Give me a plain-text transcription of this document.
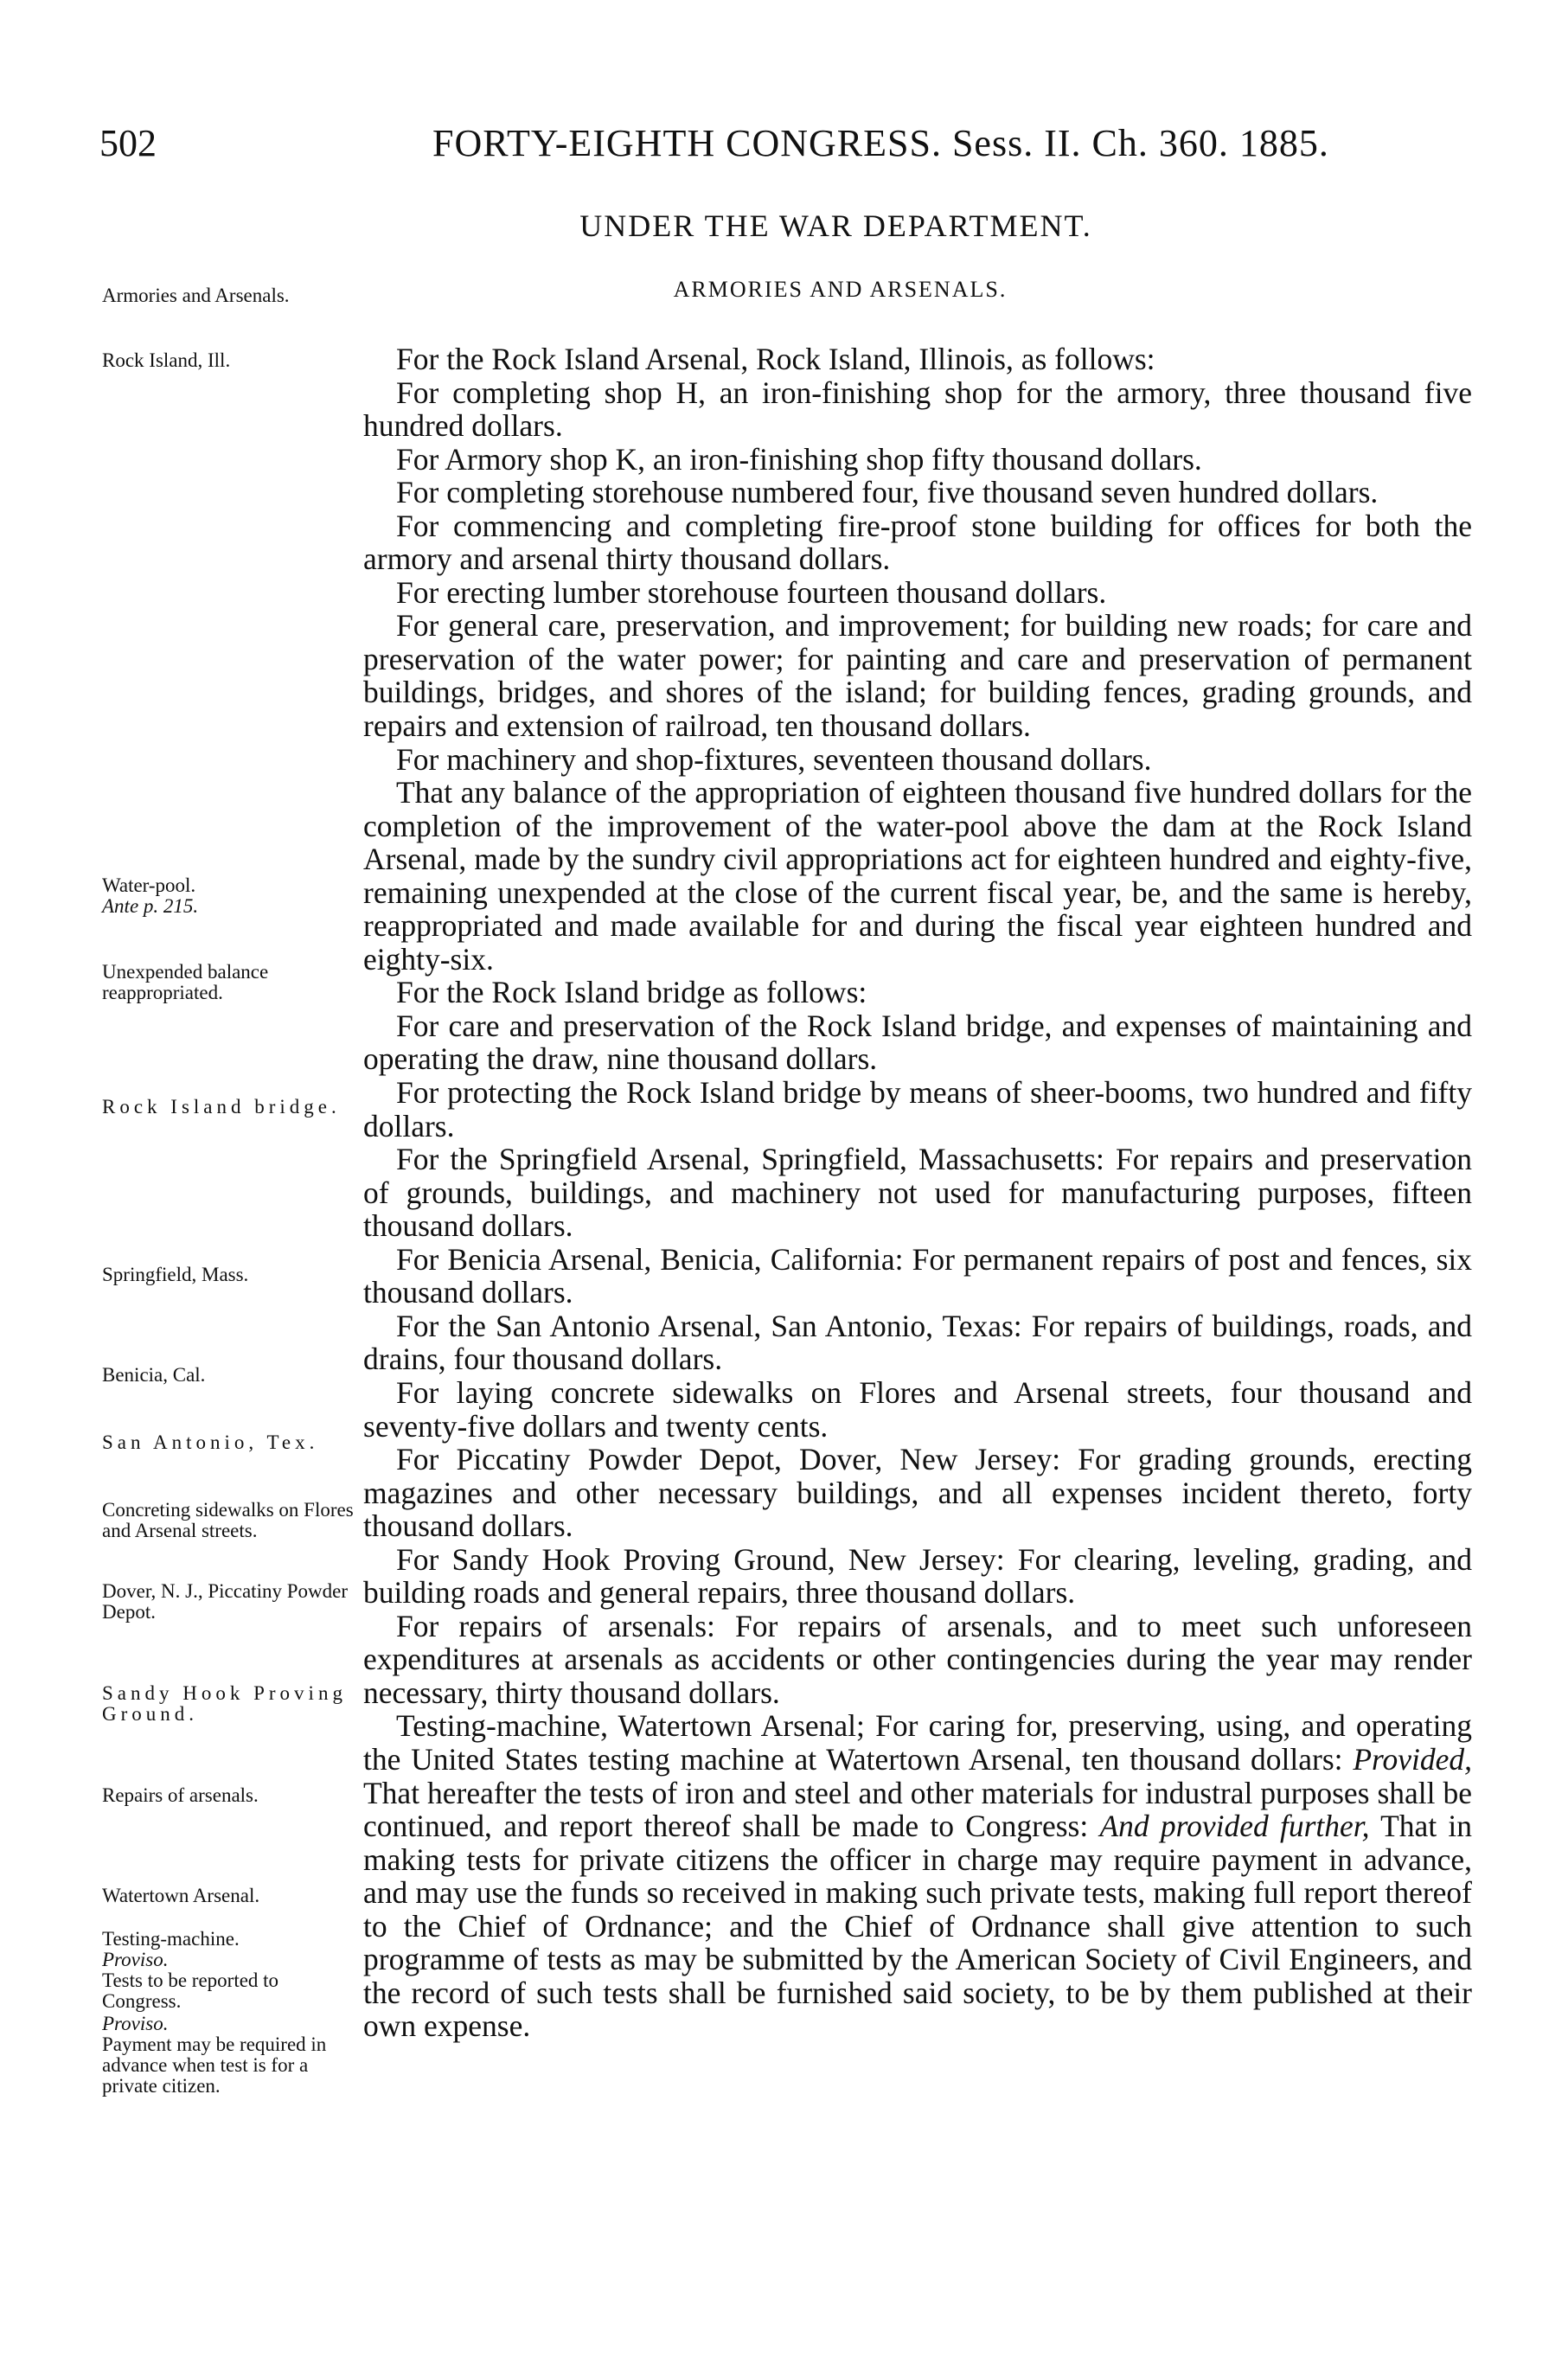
502	FORTY-EIGHTH CONGRESS. Sess. II. Ch. 360. 1885.
UNDER THE WAR DEPARTMENT.
ARMORIES AND ARSENALS.
Armories and Arsenals.
Rock Island, Ill.
Water-pool.
Ante p. 215.
Unexpended balance reappropriated.
Rock Island bridge.
Springfield, Mass.
Benicia, Cal.
San Antonio, Tex.
Concreting sidewalks on Flores and Arsenal streets.
Dover, N. J., Piccatiny Powder Depot.
Sandy Hook Proving Ground.
Repairs of arsenals.
Watertown Arsenal.
Testing-machine.
Proviso.
Tests to be reported to Congress.
Proviso.
Payment may be required in advance when test is for a private citizen.

For the Rock Island Arsenal, Rock Island, Illinois, as follows:

For completing shop H, an iron-finishing shop for the armory, three thousand five hundred dollars.

For Armory shop K, an iron-finishing shop fifty thousand dollars.

For completing storehouse numbered four, five thousand seven hundred dollars.

For commencing and completing fire-proof stone building for offices for both the armory and arsenal thirty thousand dollars.

For erecting lumber storehouse fourteen thousand dollars.

For general care, preservation, and improvement; for building new roads; for care and preservation of the water power; for painting and care and preservation of permanent buildings, bridges, and shores of the island; for building fences, grading grounds, and repairs and extension of railroad, ten thousand dollars.

For machinery and shop-fixtures, seventeen thousand dollars.

That any balance of the appropriation of eighteen thousand five hundred dollars for the completion of the improvement of the water-pool above the dam at the Rock Island Arsenal, made by the sundry civil appropriations act for eighteen hundred and eighty-five, remaining unexpended at the close of the current fiscal year, be, and the same is hereby, reappropriated and made available for and during the fiscal year eighteen hundred and eighty-six.

For the Rock Island bridge as follows:

For care and preservation of the Rock Island bridge, and expenses of maintaining and operating the draw, nine thousand dollars.

For protecting the Rock Island bridge by means of sheer-booms, two hundred and fifty dollars.

For the Springfield Arsenal, Springfield, Massachusetts: For repairs and preservation of grounds, buildings, and machinery not used for manufacturing purposes, fifteen thousand dollars.

For Benicia Arsenal, Benicia, California: For permanent repairs of post and fences, six thousand dollars.

For the San Antonio Arsenal, San Antonio, Texas: For repairs of buildings, roads, and drains, four thousand dollars.

For laying concrete sidewalks on Flores and Arsenal streets, four thousand and seventy-five dollars and twenty cents.

For Piccatiny Powder Depot, Dover, New Jersey: For grading grounds, erecting magazines and other necessary buildings, and all expenses incident thereto, forty thousand dollars.

For Sandy Hook Proving Ground, New Jersey: For clearing, leveling, grading, and building roads and general repairs, three thousand dollars.

For repairs of arsenals: For repairs of arsenals, and to meet such unforeseen expenditures at arsenals as accidents or other contingencies during the year may render necessary, thirty thousand dollars.

Testing-machine, Watertown Arsenal; For caring for, preserving, using, and operating the United States testing machine at Watertown Arsenal, ten thousand dollars: Provided, That hereafter the tests of iron and steel and other materials for industral purposes shall be continued, and report thereof shall be made to Congress: And provided further, That in making tests for private citizens the officer in charge may require payment in advance, and may use the funds so received in making such private tests, making full report thereof to the Chief of Ordnance; and the Chief of Ordnance shall give attention to such programme of tests as may be submitted by the American Society of Civil Engineers, and the record of such tests shall be furnished said society, to be by them published at their own expense.
